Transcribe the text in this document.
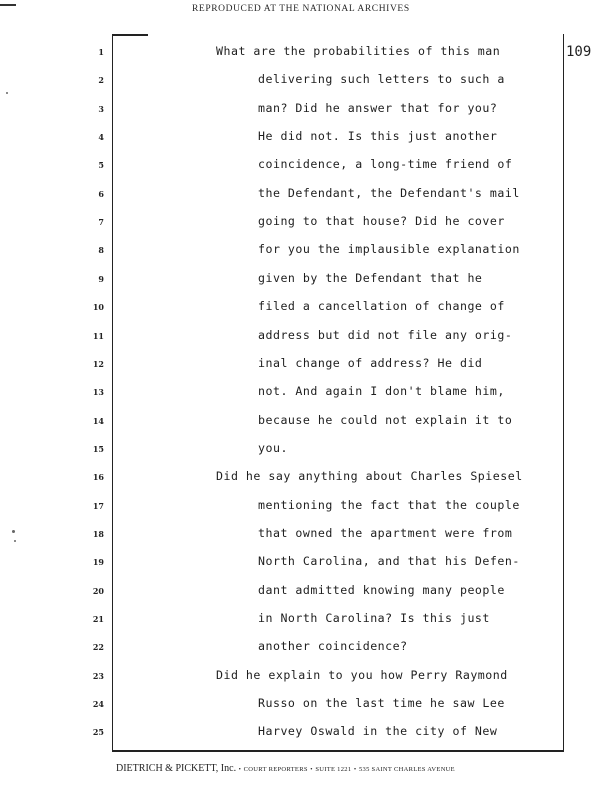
REPRODUCED AT THE NATIONAL ARCHIVES
109
1	What are the probabilities of this man
2	delivering such letters to such a
3	man? Did he answer that for you?
4	He did not. Is this just another
5	coincidence, a long-time friend of
6	the Defendant, the Defendant's mail
7	going to that house? Did he cover
8	for you the implausible explanation
9	given by the Defendant that he
10	filed a cancellation of change of
11	address but did not file any orig-
12	inal change of address? He did
13	not. And again I don't blame him,
14	because he could not explain it to
15	you.
16	Did he say anything about Charles Spiesel
17	mentioning the fact that the couple
18	that owned the apartment were from
19	North Carolina, and that his Defen-
20	dant admitted knowing many people
21	in North Carolina? Is this just
22	another coincidence?
23	Did he explain to you how Perry Raymond
24	Russo on the last time he saw Lee
25	Harvey Oswald in the city of New
DIETRICH & PICKETT, Inc. • COURT REPORTERS • SUITE 1221 • 535 SAINT CHARLES AVENUE
